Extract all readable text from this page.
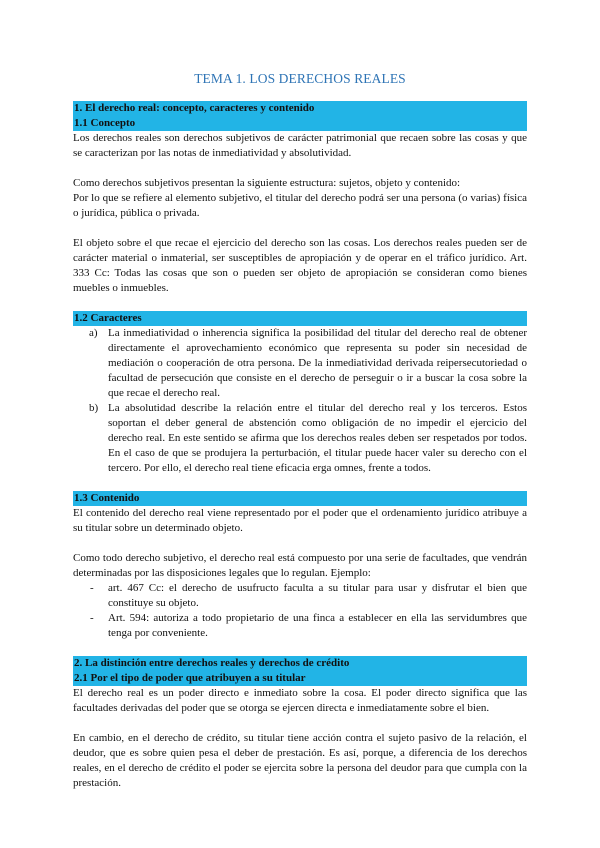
TEMA 1. LOS DERECHOS REALES
1. El derecho real: concepto, caracteres y contenido
1.1 Concepto

Los derechos reales son derechos subjetivos de carácter patrimonial que recaen sobre las cosas y que se caracterizan por las notas de inmediatividad y absolutividad.

Como derechos subjetivos presentan la siguiente estructura: sujetos, objeto y contenido:

Por lo que se refiere al elemento subjetivo, el titular del derecho podrá ser una persona (o varias) física o jurídica, pública o privada.

El objeto sobre el que recae el ejercicio del derecho son las cosas. Los derechos reales pueden ser de carácter material o inmaterial, ser susceptibles de apropiación y de operar en el tráfico jurídico. Art. 333 Cc: Todas las cosas que son o pueden ser objeto de apropiación se consideran como bienes muebles o inmuebles.

1.2 Caracteres
a) La inmediatividad o inherencia significa la posibilidad del titular del derecho real de obtener directamente el aprovechamiento económico que representa su poder sin necesidad de mediación o cooperación de otra persona. De la inmediatividad derivada reipersecutoriedad o facultad de persecución que consiste en el derecho de perseguir o ir a buscar la cosa sobre la que recae el derecho real.
b) La absolutidad describe la relación entre el titular del derecho real y los terceros. Estos soportan el deber general de abstención como obligación de no impedir el ejercicio del derecho real. En este sentido se afirma que los derechos reales deben ser respetados por todos. En el caso de que se produjera la perturbación, el titular puede hacer valer su derecho con el tercero. Por ello, el derecho real tiene eficacia erga omnes, frente a todos.
1.3 Contenido

El contenido del derecho real viene representado por el poder que el ordenamiento jurídico atribuye a su titular sobre un determinado objeto.

Como todo derecho subjetivo, el derecho real está compuesto por una serie de facultades, que vendrán determinadas por las disposiciones legales que lo regulan. Ejemplo:

- art. 467 Cc: el derecho de usufructo faculta a su titular para usar y disfrutar el bien que constituye su objeto.
- Art. 594: autoriza a todo propietario de una finca a establecer en ella las servidumbres que tenga por conveniente.
2. La distinción entre derechos reales y derechos de crédito
2.1 Por el tipo de poder que atribuyen a su titular

El derecho real es un poder directo e inmediato sobre la cosa. El poder directo significa que las facultades derivadas del poder que se otorga se ejercen directa e inmediatamente sobre el bien.

En cambio, en el derecho de crédito, su titular tiene acción contra el sujeto pasivo de la relación, el deudor, que es sobre quien pesa el deber de prestación. Es así, porque, a diferencia de los derechos reales, en el derecho de crédito el poder se ejercita sobre la persona del deudor para que cumpla con la prestación.
